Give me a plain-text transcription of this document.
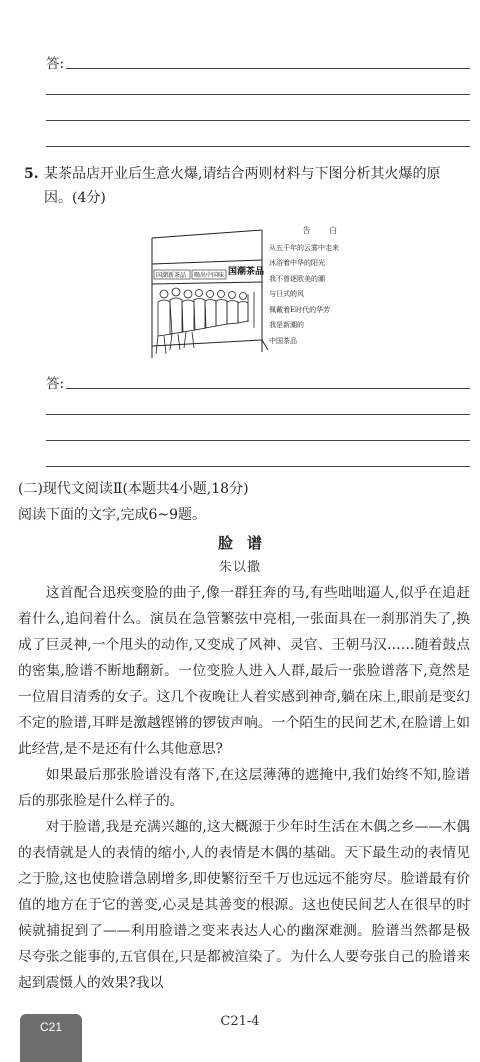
答:
5. 某茶品店开业后生意火爆,请结合两则材料与下图分析其火爆的原
因。(4分)
国潮新茶品 喝出中国味 国潮茶品
告 白
从五千年的云雾中走来
沐浴着中华的阳光
我不曾逐欧美的潮
与日式的风
佩戴着E时代的华芳
我是新潮的
中国茶品
答:
(二)现代文阅读Ⅱ(本题共4小题,18分)
阅读下面的文字,完成6~9题。
脸谱
朱以撒

这首配合迅疾变脸的曲子,像一群狂奔的马,有些咄咄逼人,似乎在追赶着什么,追问着什么。演员在急管繁弦中亮相,一张面具在一刹那消失了,换成了巨灵神,一个甩头的动作,又变成了风神、灵官、王朝马汉……随着鼓点的密集,脸谱不断地翻新。一位变脸人进入人群,最后一张脸谱落下,竟然是一位眉目清秀的女子。这几个夜晚让人着实感到神奇,躺在床上,眼前是变幻不定的脸谱,耳畔是激越铿锵的锣钹声响。一个陌生的民间艺术,在脸谱上如此经营,是不是还有什么其他意思?

如果最后那张脸谱没有落下,在这层薄薄的遮掩中,我们始终不知,脸谱后的那张脸是什么样子的。

对于脸谱,我是充满兴趣的,这大概源于少年时生活在木偶之乡——木偶的表情就是人的表情的缩小,人的表情是木偶的基础。天下最生动的表情见之于脸,这也使脸谱急剧增多,即使繁衍至千万也远远不能穷尽。脸谱最有价值的地方在于它的善变,心灵是其善变的根源。这也使民间艺人在很早的时候就捕捉到了——利用脸谱之变来表达人心的幽深难测。脸谱当然都是极尽夸张之能事的,五官俱在,只是都被渲染了。为什么人要夸张自己的脸谱来起到震慑人的效果?我以

C21	C21-4
